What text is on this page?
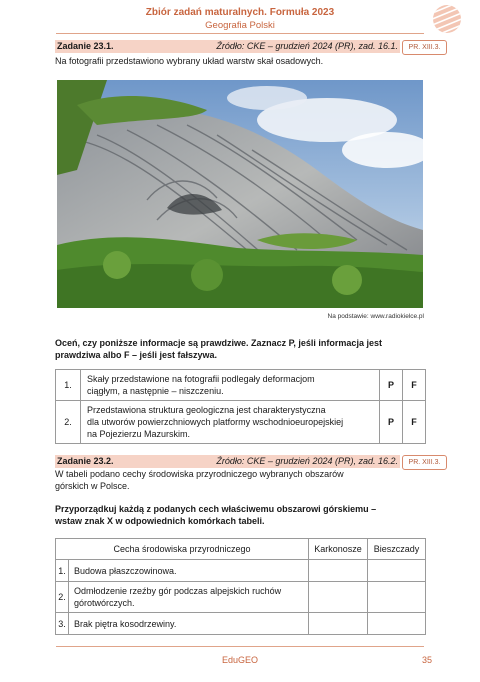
Zbiór zadań maturalnych. Formuła 2023
Geografia Polski
Zadanie 23.1.	Źródło: CKE – grudzień 2024 (PR), zad. 16.1.	PR. XIII.3.
Na fotografii przedstawiono wybrany układ warstw skał osadowych.
Na podstawie: www.radiokielce.pl
Oceń, czy poniższe informacje są prawdziwe. Zaznacz P, jeśli informacja jest
prawdziwa albo F – jeśli jest fałszywa.
1.	Skały przedstawione na fotografii podlegały deformacjom
ciągłym, a następnie – niszczeniu.	P	F
2.	Przedstawiona struktura geologiczna jest charakterystyczna
dla utworów powierzchniowych platformy wschodnioeuropejskiej
na Pojezierzu Mazurskim.	P	F
Zadanie 23.2.	Źródło: CKE – grudzień 2024 (PR), zad. 16.2.	PR. XIII.3.
W tabeli podano cechy środowiska przyrodniczego wybranych obszarów
górskich w Polsce.
Przyporządkuj każdą z podanych cech właściwemu obszarowi górskiemu –
wstaw znak X w odpowiednich komórkach tabeli.
Cecha środowiska przyrodniczego		Karkonosze	Bieszczady
1.	Budowa płaszczowinowa.		

2.	Odmłodzenie rzeźby gór podczas alpejskich ruchów
górotwórczych.		

3.	Brak piętra kosodrzewiny.		

EduGEO	35
